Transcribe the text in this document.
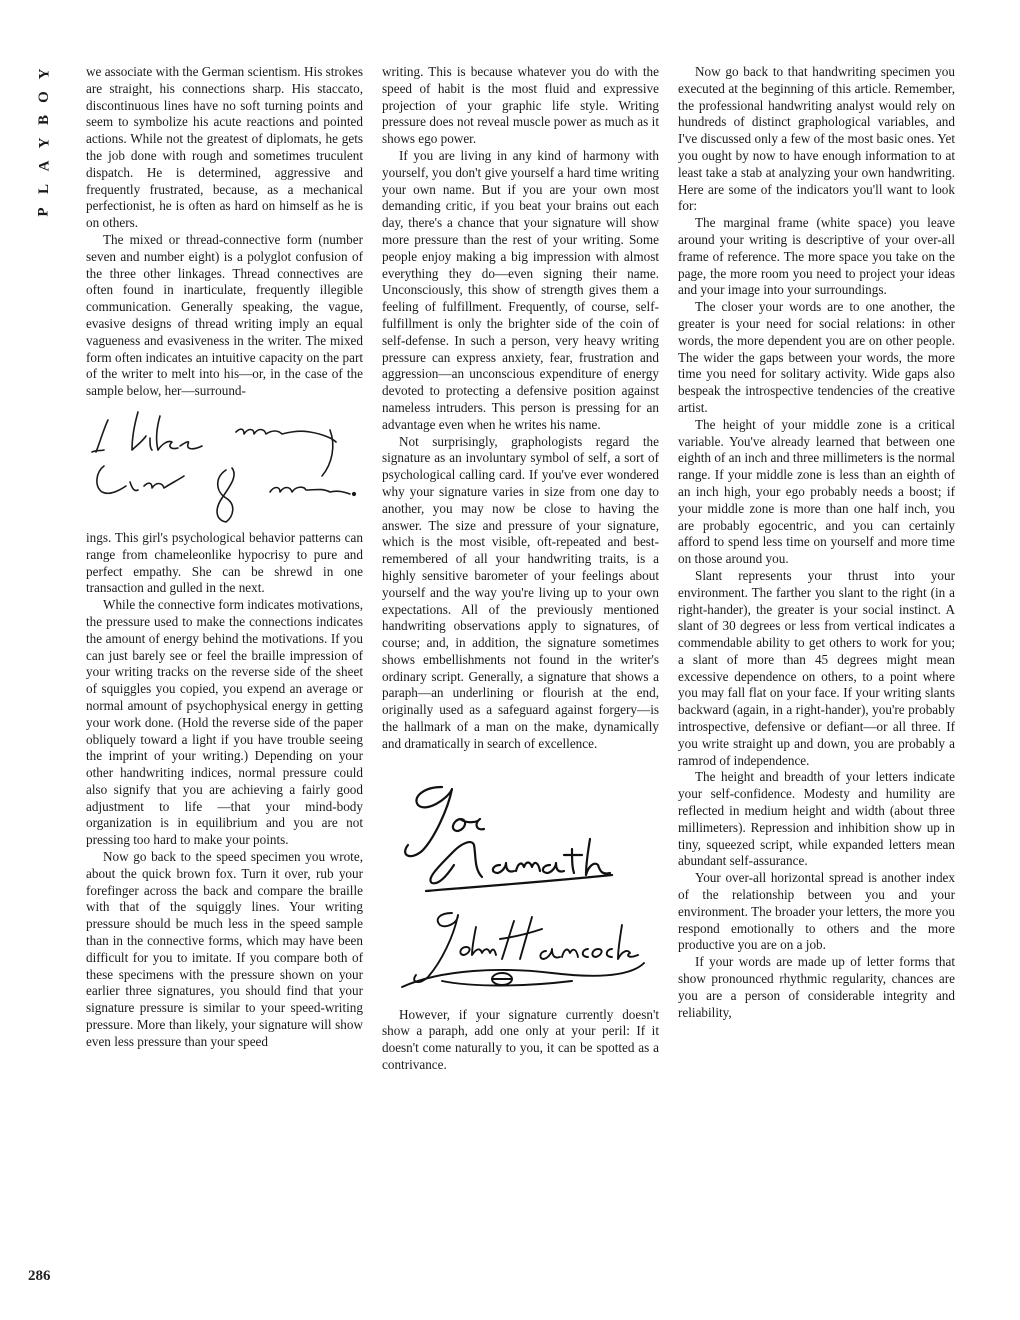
Y
O
B
Y
A
L
P
286

we associate with the German scientism. His strokes are straight, his connections sharp. His staccato, discontinuous lines have no soft turning points and seem to symbolize his acute reactions and pointed actions. While not the greatest of diplomats, he gets the job done with rough and sometimes truculent dispatch. He is determined, aggressive and frequently frustrated, because, as a mechanical perfectionist, he is often as hard on himself as he is on others.

The mixed or thread-connective form (number seven and number eight) is a polyglot confusion of the three other linkages. Thread connectives are often found in inarticulate, frequently illegible communication. Generally speaking, the vague, evasive designs of thread writing imply an equal vagueness and evasiveness in the writer. The mixed form often indicates an intuitive capacity on the part of the writer to melt into his—or, in the case of the sample below, her—surround-

ings. This girl's psychological behavior patterns can range from chameleonlike hypocrisy to pure and perfect empathy. She can be shrewd in one transaction and gulled in the next.

While the connective form indicates motivations, the pressure used to make the connections indicates the amount of energy behind the motivations. If you can just barely see or feel the braille impression of your writing tracks on the reverse side of the sheet of squiggles you copied, you expend an average or normal amount of psychophysical energy in getting your work done. (Hold the reverse side of the paper obliquely toward a light if you have trouble seeing the imprint of your writing.) Depending on your other handwriting indices, normal pressure could also signify that you are achieving a fairly good adjustment to life —that your mind-body organization is in equilibrium and you are not pressing too hard to make your points.

Now go back to the speed specimen you wrote, about the quick brown fox. Turn it over, rub your forefinger across the back and compare the braille with that of the squiggly lines. Your writing pressure should be much less in the speed sample than in the connective forms, which may have been difficult for you to imitate. If you compare both of these specimens with the pressure shown on your earlier three signatures, you should find that your signature pressure is similar to your speed-writing pressure. More than likely, your signature will show even less pressure than your speed

writing. This is because whatever you do with the speed of habit is the most fluid and expressive projection of your graphic life style. Writing pressure does not reveal muscle power as much as it shows ego power.

If you are living in any kind of harmony with yourself, you don't give yourself a hard time writing your own name. But if you are your own most demanding critic, if you beat your brains out each day, there's a chance that your signature will show more pressure than the rest of your writing. Some people enjoy making a big impression with almost everything they do—even signing their name. Unconsciously, this show of strength gives them a feeling of fulfillment. Frequently, of course, self-fulfillment is only the brighter side of the coin of self-defense. In such a person, very heavy writing pressure can express anxiety, fear, frustration and aggression—an unconscious expenditure of energy devoted to protecting a defensive position against nameless intruders. This person is pressing for an advantage even when he writes his name.

Not surprisingly, graphologists regard the signature as an involuntary symbol of self, a sort of psychological calling card. If you've ever wondered why your signature varies in size from one day to another, you may now be close to having the answer. The size and pressure of your signature, which is the most visible, oft-repeated and best-remembered of all your handwriting traits, is a highly sensitive barometer of your feelings about yourself and the way you're living up to your own expectations. All of the previously mentioned handwriting observations apply to signatures, of course; and, in addition, the signature sometimes shows embellishments not found in the writer's ordinary script. Generally, a signature that shows a paraph—an underlining or flourish at the end, originally used as a safeguard against forgery—is the hallmark of a man on the make, dynamically and dramatically in search of excellence.

However, if your signature currently doesn't show a paraph, add one only at your peril: If it doesn't come naturally to you, it can be spotted as a contrivance.

Now go back to that handwriting specimen you executed at the beginning of this article. Remember, the professional handwriting analyst would rely on hundreds of distinct graphological variables, and I've discussed only a few of the most basic ones. Yet you ought by now to have enough information to at least take a stab at analyzing your own handwriting. Here are some of the indicators you'll want to look for:

The marginal frame (white space) you leave around your writing is descriptive of your over-all frame of reference. The more space you take on the page, the more room you need to project your ideas and your image into your surroundings.

The closer your words are to one another, the greater is your need for social relations: in other words, the more dependent you are on other people. The wider the gaps between your words, the more time you need for solitary activity. Wide gaps also bespeak the introspective tendencies of the creative artist.

The height of your middle zone is a critical variable. You've already learned that between one eighth of an inch and three millimeters is the normal range. If your middle zone is less than an eighth of an inch high, your ego probably needs a boost; if your middle zone is more than one half inch, you are probably egocentric, and you can certainly afford to spend less time on yourself and more time on those around you.

Slant represents your thrust into your environment. The farther you slant to the right (in a right-hander), the greater is your social instinct. A slant of 30 degrees or less from vertical indicates a commendable ability to get others to work for you; a slant of more than 45 degrees might mean excessive dependence on others, to a point where you may fall flat on your face. If your writing slants backward (again, in a right-hander), you're probably introspective, defensive or defiant—or all three. If you write straight up and down, you are probably a ramrod of independence.

The height and breadth of your letters indicate your self-confidence. Modesty and humility are reflected in medium height and width (about three millimeters). Repression and inhibition show up in tiny, squeezed script, while expanded letters mean abundant self-assurance.

Your over-all horizontal spread is another index of the relationship between you and your environment. The broader your letters, the more you respond emotionally to others and the more productive you are on a job.

If your words are made up of letter forms that show pronounced rhythmic regularity, chances are you are a person of considerable integrity and reliability,
